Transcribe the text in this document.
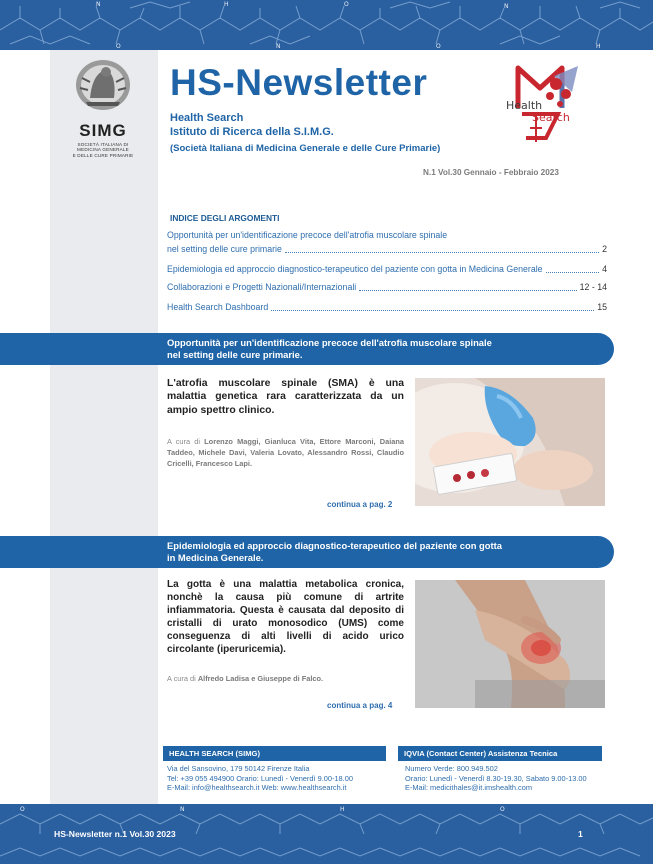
N	H	O	N
O	N	O	H
SIMG
SOCIETÀ ITALIANA DI
MEDICINA GENERALE
E DELLE CURE PRIMARIE
HS-Newsletter
Health Search
Istituto di Ricerca della S.I.M.G.
(Società Italiana di Medicina Generale e delle Cure Primarie)
Health
Search
N.1 Vol.30 Gennaio - Febbraio 2023
INDICE DEGLI ARGOMENTI
Opportunità per un'identificazione precoce dell'atrofia muscolare spinale
nel setting delle cure primarie	2
Epidemiologia ed approccio diagnostico-terapeutico del paziente con gotta in Medicina Generale	4
Collaborazioni e Progetti Nazionali/Internazionali	12 - 14
Health Search Dashboard	15
RICERCA
INTERNAZIONALE
Opportunità per un'identificazione precoce dell'atrofia muscolare spinale
nel setting delle cure primarie.
L'atrofia muscolare spinale (SMA) è una malattia genetica rara caratterizzata da un ampio spettro clinico.
A cura di Lorenzo Maggi, Gianluca Vita, Ettore Marconi, Daiana Taddeo, Michele Davi, Valeria Lovato, Alessandro Rossi, Claudio Cricelli, Francesco Lapi.
continua a pag. 2
ANALISI IN
MEDICINA GENERALE
Epidemiologia ed approccio diagnostico-terapeutico del paziente con gotta
in Medicina Generale.
La gotta è una malattia metabolica cronica, nonchè la causa più comune di artrite infiammatoria. Questa è causata dal deposito di cristalli di urato monosodico (UMS) come conseguenza di alti livelli di acido urico circolante (iperuricemia).
A cura di Alfredo Ladisa e Giuseppe di Falco.
continua a pag. 4
HEALTH SEARCH (SIMG)	IQVIA (Contact Center) Assistenza Tecnica
Via del Sansovino, 179 50142 Firenze Italia
Tel: +39 055 494900 Orario: Lunedì - Venerdì 9.00-18.00
E-Mail: info@healthsearch.it Web: www.healthsearch.it
Numero Verde: 800.949.502
Orario: Lunedì - Venerdì 8.30-19.30, Sabato 9.00-13.00
E-Mail: medicithales@it.imshealth.com
O	N	H	O
HS-Newsletter n.1 Vol.30 2023	1
